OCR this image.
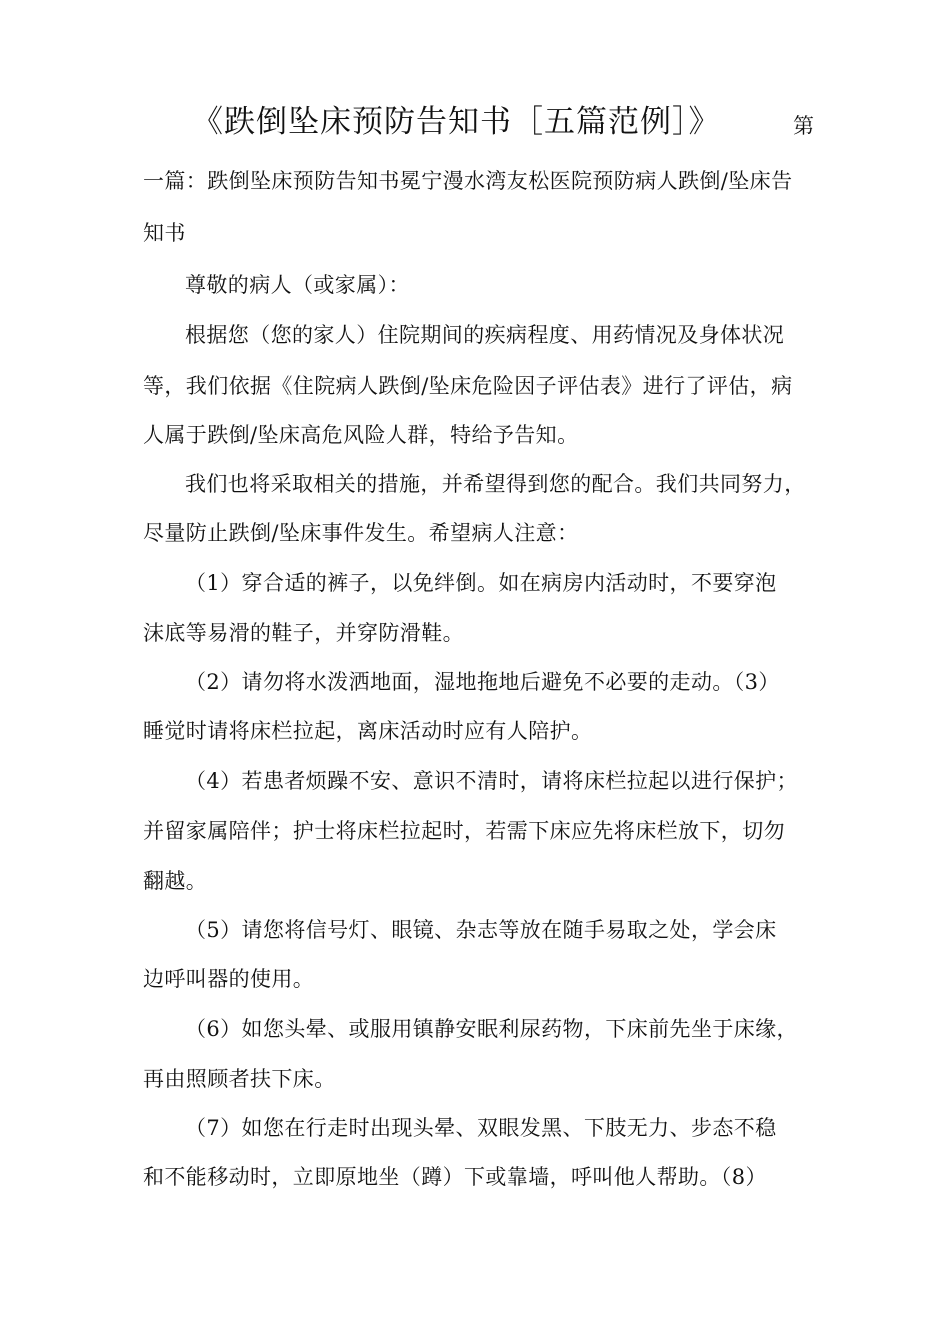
《跌倒坠床预防告知书［五篇范例］》	第
一篇：跌倒坠床预防告知书冕宁漫水湾友松医院预防病人跌倒/坠床告
知书
尊敬的病人（或家属）：
根据您（您的家人）住院期间的疾病程度、用药情况及身体状况
等，我们依据《住院病人跌倒/坠床危险因子评估表》进行了评估，病
人属于跌倒/坠床高危风险人群，特给予告知。
我们也将采取相关的措施，并希望得到您的配合。我们共同努力，
尽量防止跌倒/坠床事件发生。希望病人注意：
（1）穿合适的裤子，以免绊倒。如在病房内活动时，不要穿泡
沫底等易滑的鞋子，并穿防滑鞋。
（2）请勿将水泼洒地面，湿地拖地后避免不必要的走动。（3）
睡觉时请将床栏拉起，离床活动时应有人陪护。
（4）若患者烦躁不安、意识不清时，请将床栏拉起以进行保护；
并留家属陪伴；护士将床栏拉起时，若需下床应先将床栏放下，切勿
翻越。
（5）请您将信号灯、眼镜、杂志等放在随手易取之处，学会床
边呼叫器的使用。
（6）如您头晕、或服用镇静安眠利尿药物，下床前先坐于床缘，
再由照顾者扶下床。
（7）如您在行走时出现头晕、双眼发黑、下肢无力、步态不稳
和不能移动时，立即原地坐（蹲）下或靠墙，呼叫他人帮助。（8）
